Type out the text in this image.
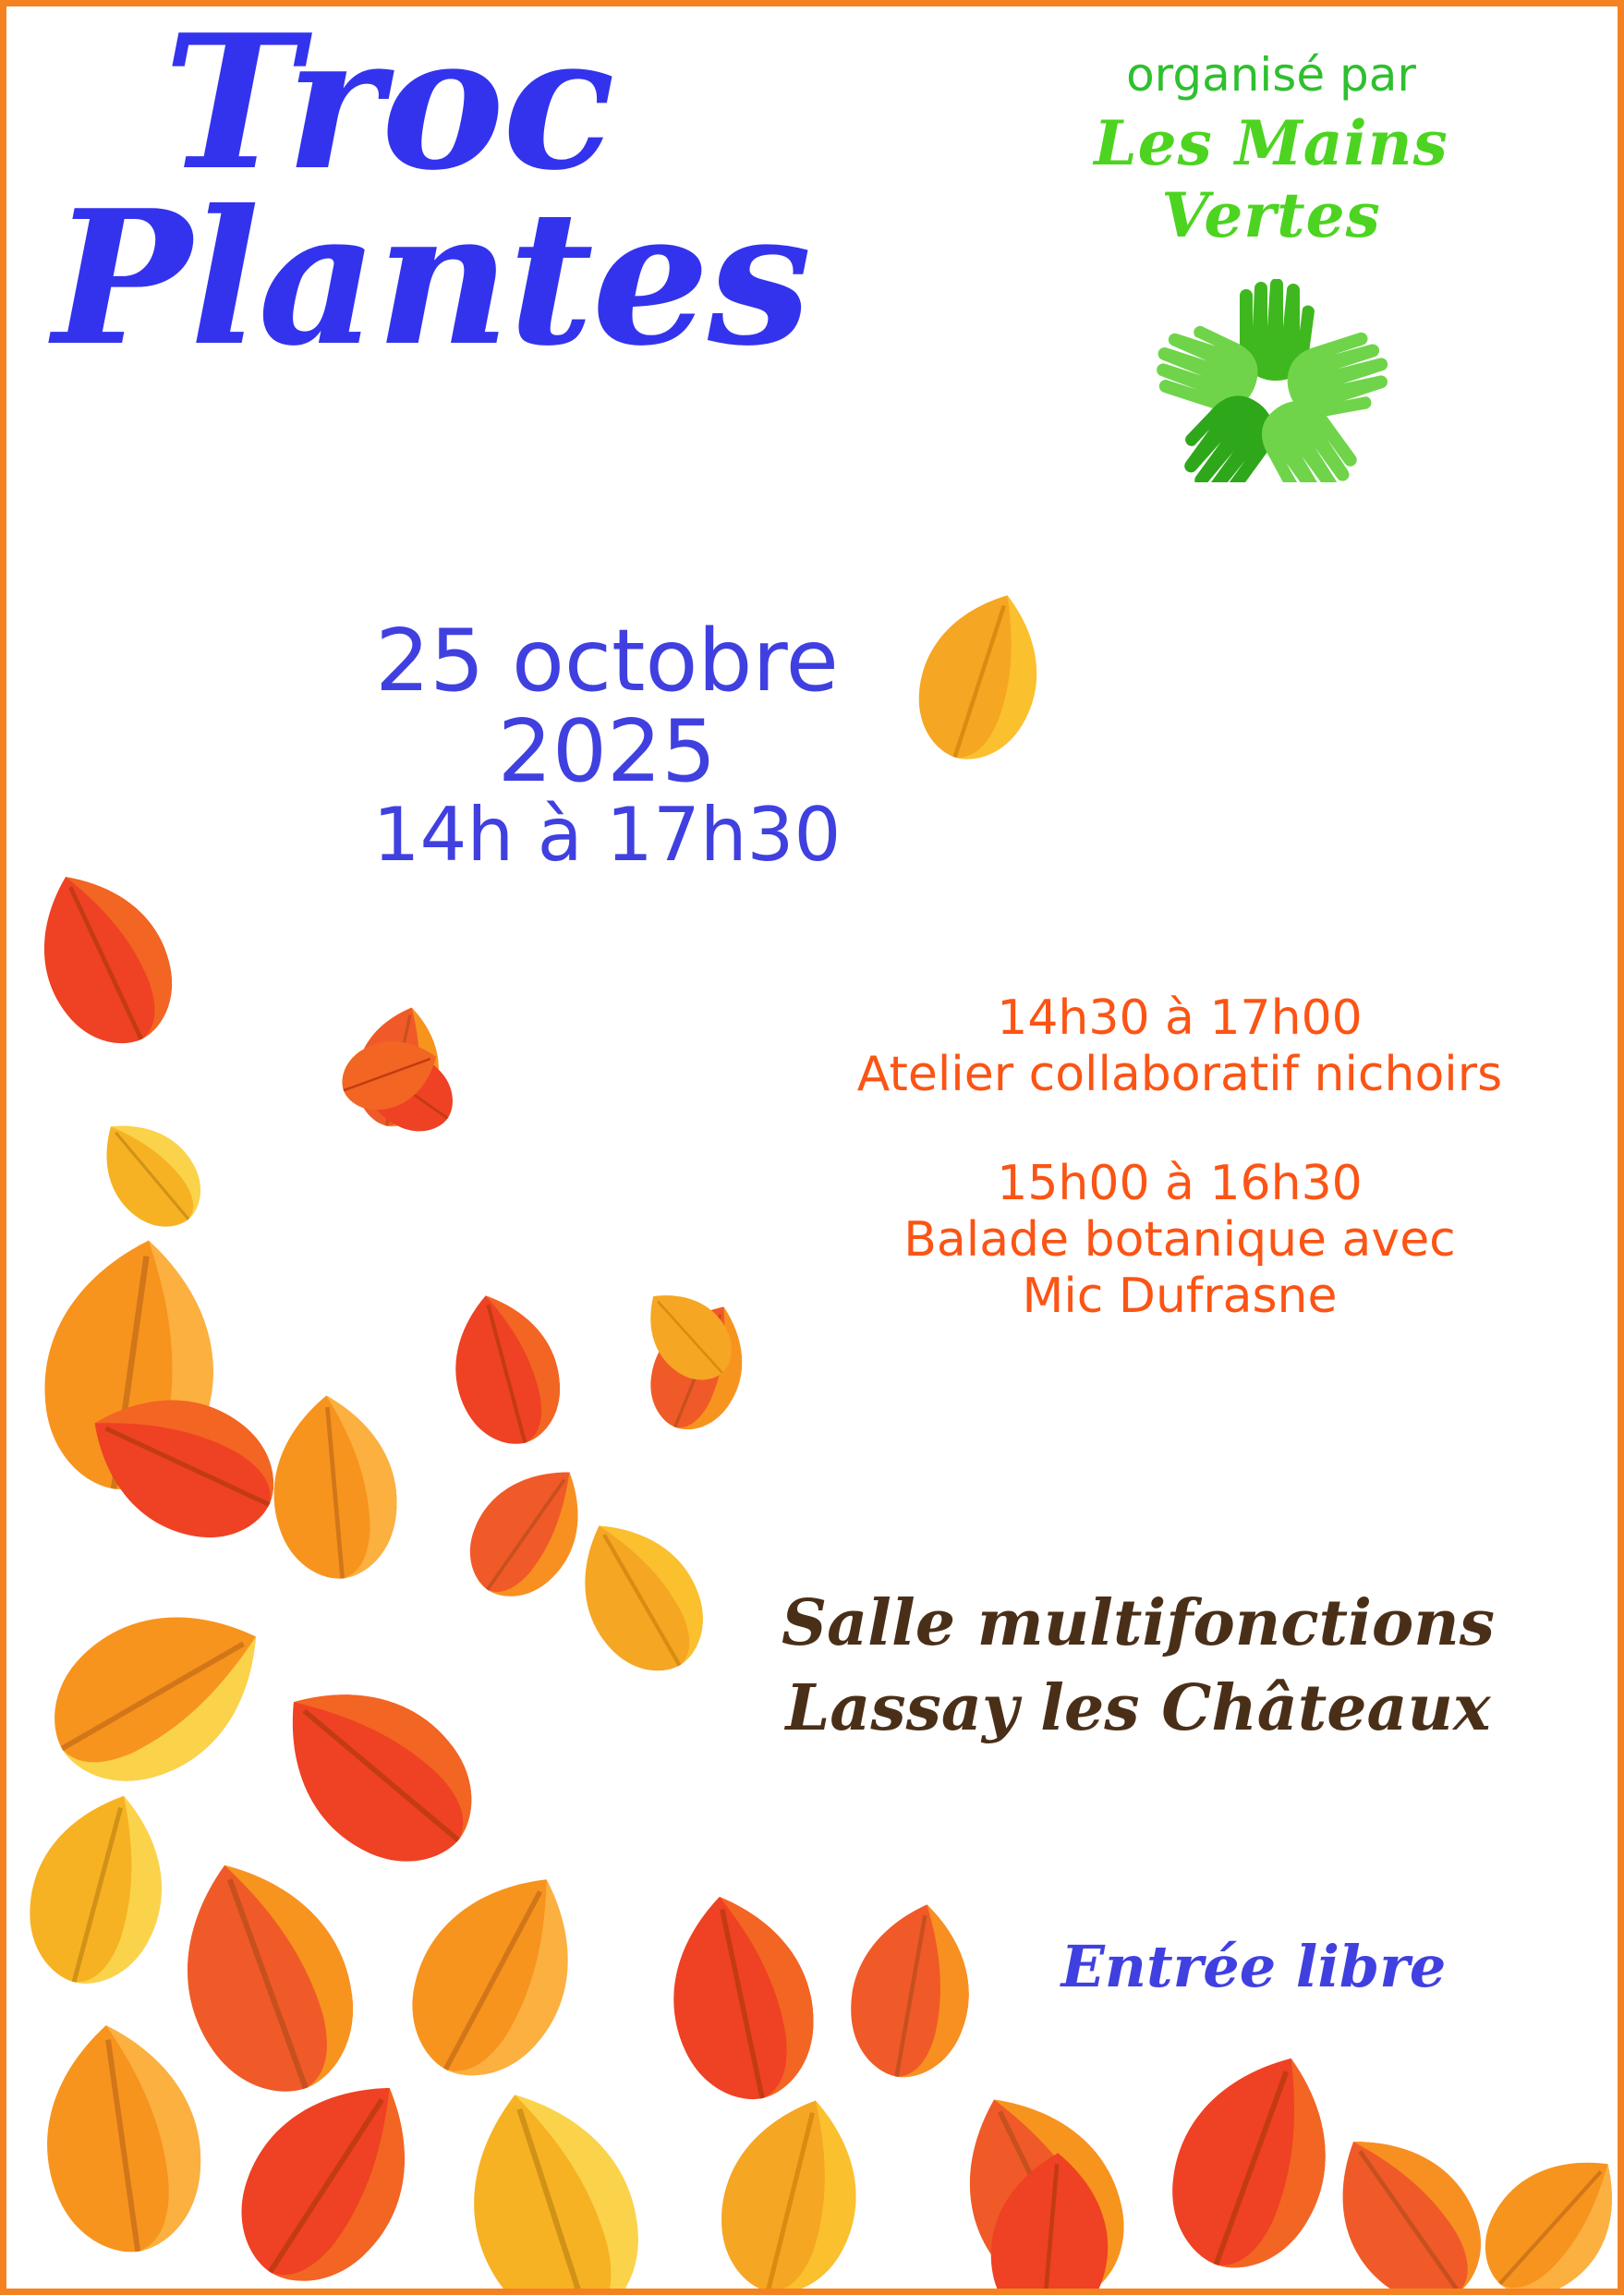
Troc
Plantes
organisé par
Les Mains Vertes
25 octobre
2025
14h à 17h30
14h30 à 17h00
Atelier collaboratif nichoirs
15h00 à 16h30
Balade botanique avec
Mic Dufrasne
Salle multifonctions
Lassay les Châteaux
Entrée libre
